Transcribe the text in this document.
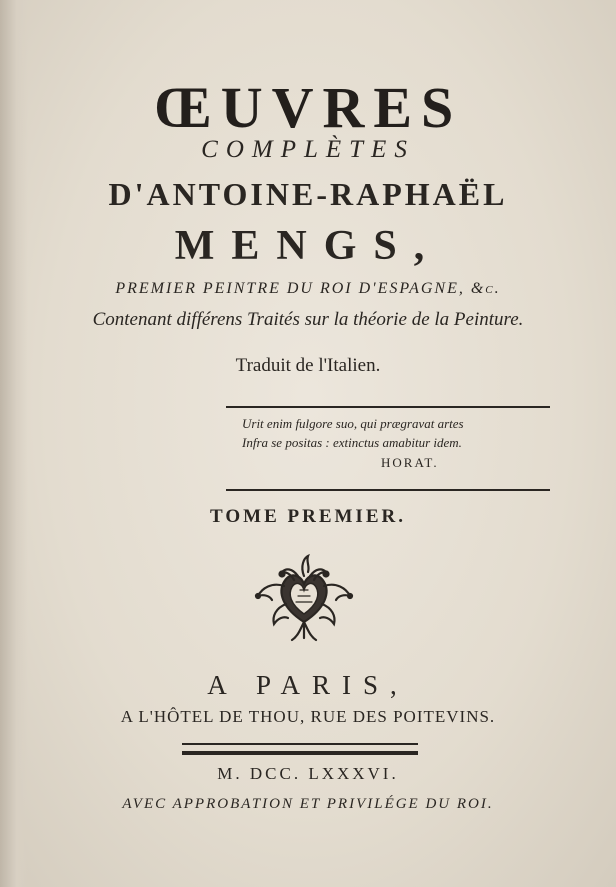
ŒUVRES
COMPLÈTES
D'ANTOINE-RAPHAËL
MENGS,
PREMIER PEINTRE DU ROI D'ESPAGNE, &c.
Contenant différens Traités sur la théorie de la Peinture.
Traduit de l'Italien.
Urit enim fulgore suo, qui prægravat artes
Infra se positas : extinctus amabitur idem.
HORAT.
TOME PREMIER.
A PARIS,
A L'HÔTEL DE THOU, RUE DES POITEVINS.
M. DCC. LXXXVI.
AVEC APPROBATION ET PRIVILÉGE DU ROI.
